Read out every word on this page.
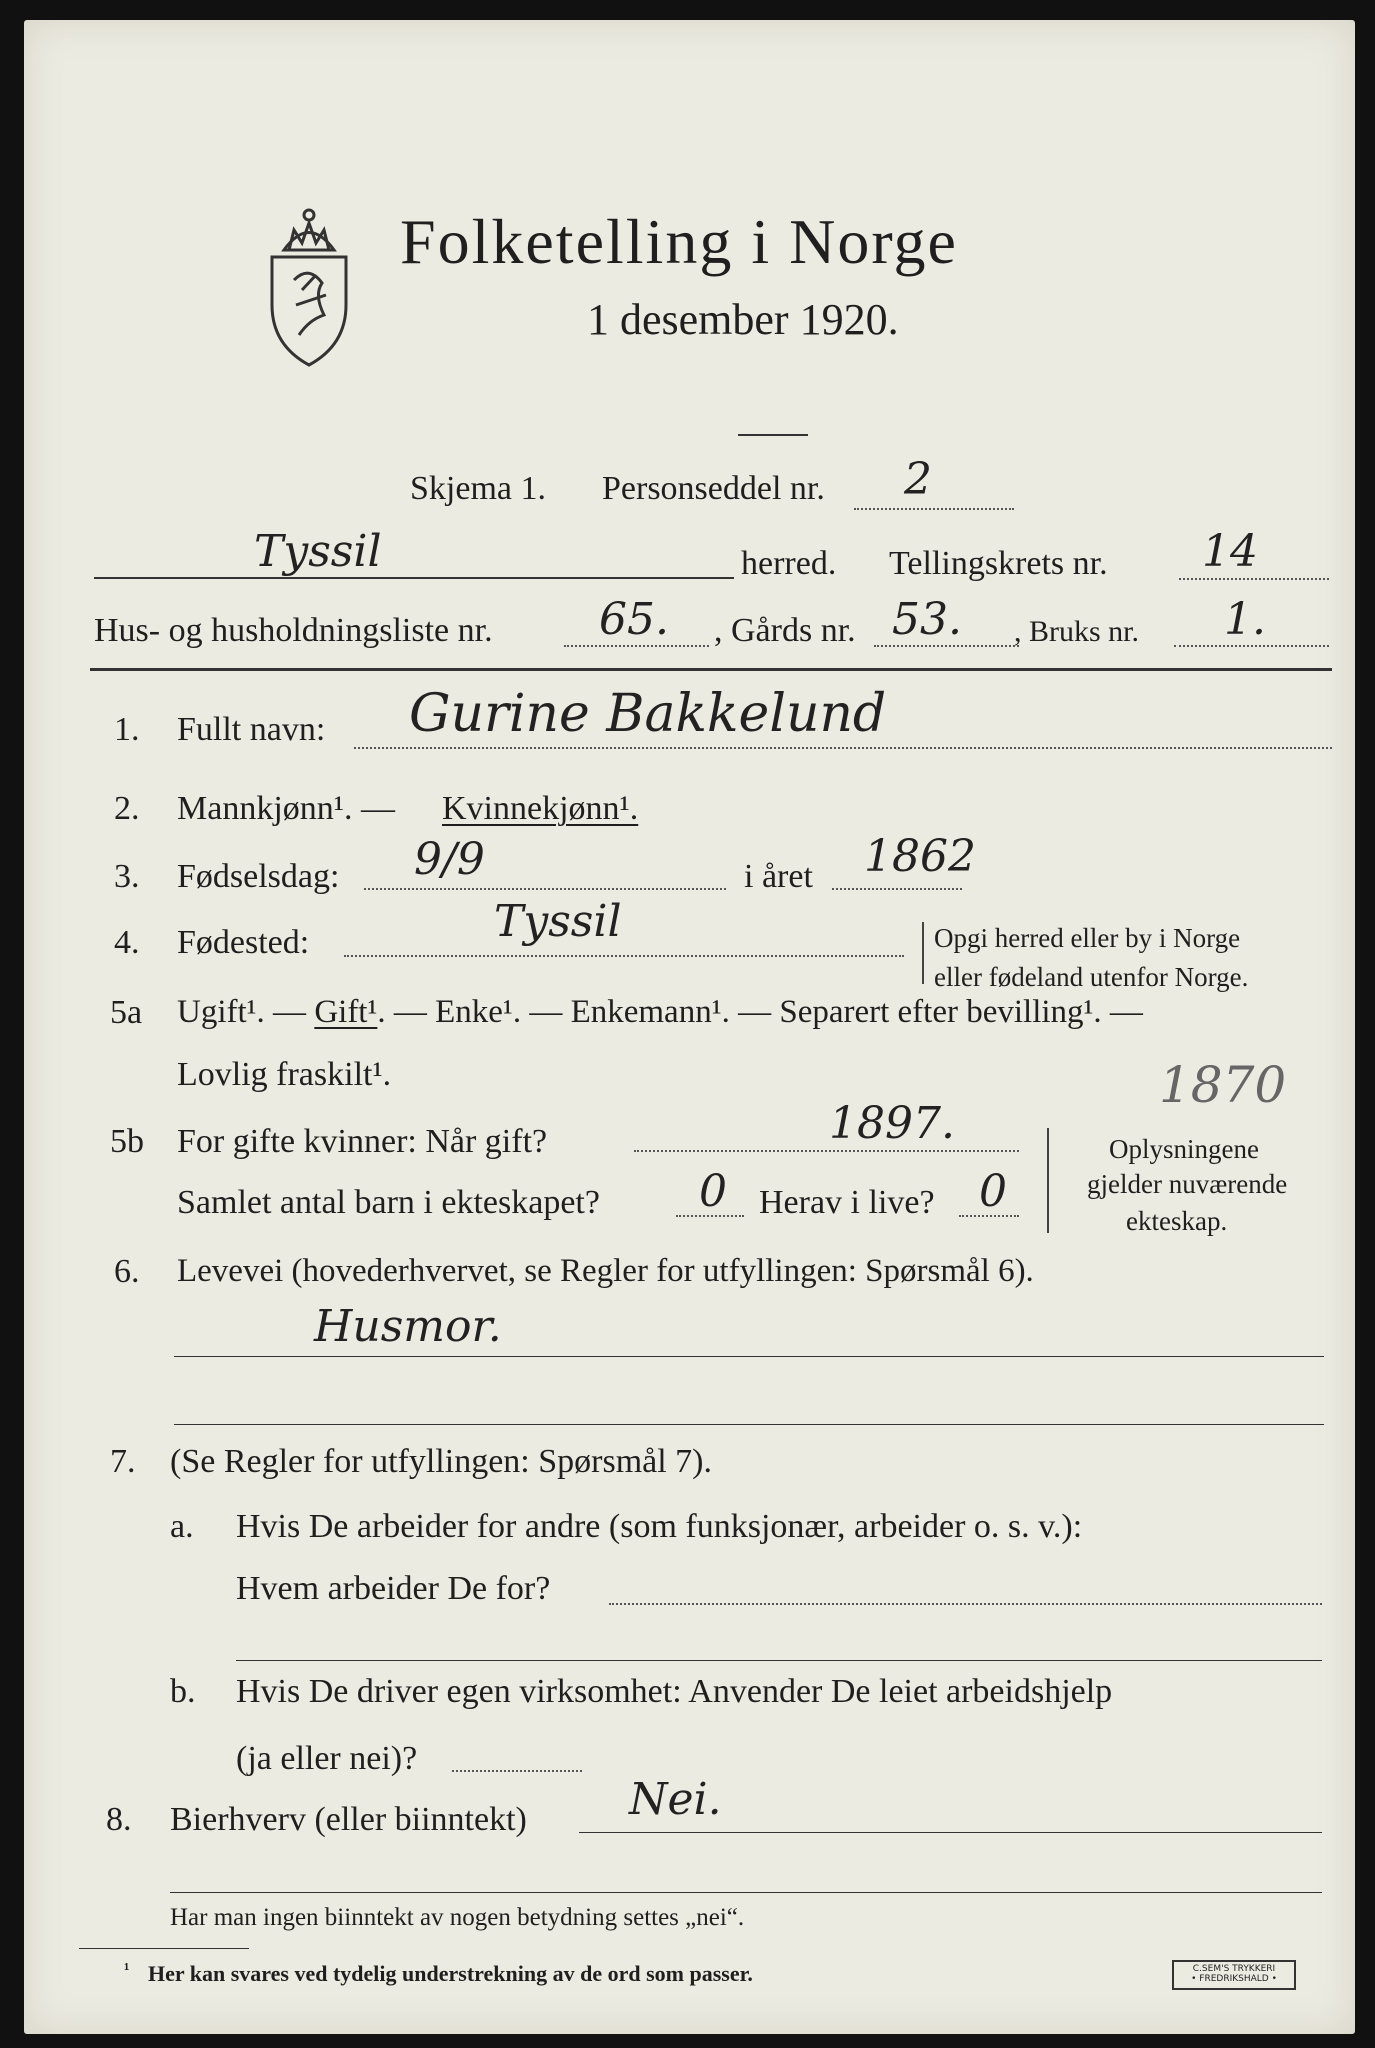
Folketelling i Norge
1 desember 1920.
Skjema 1. Personseddel nr. 2
Tyssil	herred. Tellingskrets nr. 14
Hus- og husholdningsliste nr. 65. , Gårds nr. 53. , Bruks nr. 1.
1. Fullt navn: Gurine Bakkelund
2. Mannkjønn¹. — Kvinnekjønn¹.
3. Fødselsdag: 9/9	i året 1862
4. Fødested:	Tyssil	Opgi herred eller by i Norge
eller fødeland utenfor Norge.
5a Ugift¹. — Gift¹. — Enke¹. — Enkemann¹. — Separert efter bevilling¹. —
Lovlig fraskilt¹.	1870
5b For gifte kvinner: Når gift?	1897.
Samlet antal barn i ekteskapet? 0 Herav i live? 0
Oplysningene
gjelder nuværende
ekteskap.
6. Levevei (hovederhvervet, se Regler for utfyllingen: Spørsmål 6).
Husmor.
7. (Se Regler for utfyllingen: Spørsmål 7).
a. Hvis De arbeider for andre (som funksjonær, arbeider o. s. v.):
Hvem arbeider De for?
b. Hvis De driver egen virksomhet: Anvender De leiet arbeidshjelp
(ja eller nei)?
8. Bierhverv (eller biinntekt) Nei.
Har man ingen biinntekt av nogen betydning settes „nei“.
¹ Her kan svares ved tydelig understrekning av de ord som passer.	C.SEM'S TRYKKERI
• FREDRIKSHALD •
